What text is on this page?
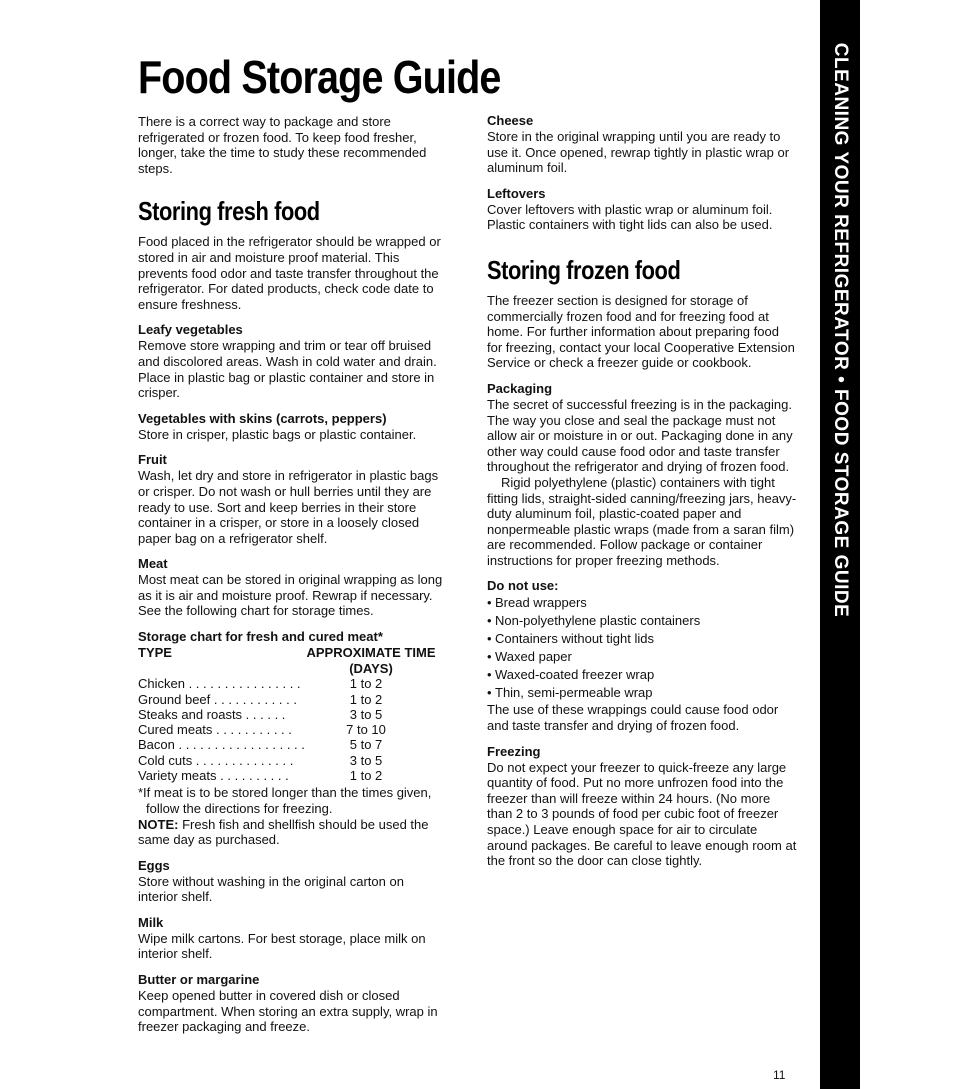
Food Storage Guide

There is a correct way to package and store refrigerated or frozen food. To keep food fresher, longer, take the time to study these recommended steps.

Storing fresh food

Food placed in the refrigerator should be wrapped or stored in air and moisture proof material. This prevents food odor and taste transfer throughout the refrigerator. For dated products, check code date to ensure freshness.

Leafy vegetables

Remove store wrapping and trim or tear off bruised and discolored areas. Wash in cold water and drain. Place in plastic bag or plastic container and store in crisper.

Vegetables with skins (carrots, peppers)

Store in crisper, plastic bags or plastic container.

Fruit

Wash, let dry and store in refrigerator in plastic bags or crisper. Do not wash or hull berries until they are ready to use. Sort and keep berries in their store container in a crisper, or store in a loosely closed paper bag on a refrigerator shelf.

Meat

Most meat can be stored in original wrapping as long as it is air and moisture proof. Rewrap if necessary. See the following chart for storage times.

Storage chart for fresh and cured meat*
TYPE	APPROXIMATE TIME (DAYS)
Chicken . . . . . . . . . . . . . . . .	1 to 2
Ground beef . . . . . . . . . . . .	1 to 2
Steaks and roasts . . . . . .	3 to 5
Cured meats . . . . . . . . . . .	7 to 10
Bacon . . . . . . . . . . . . . . . . . .	5 to 7
Cold cuts . . . . . . . . . . . . . .	3 to 5
Variety meats . . . . . . . . . .	1 to 2

*If meat is to be stored longer than the times given, follow the directions for freezing.

NOTE: Fresh fish and shellfish should be used the same day as purchased.

Eggs

Store without washing in the original carton on interior shelf.

Milk

Wipe milk cartons. For best storage, place milk on interior shelf.

Butter or margarine

Keep opened butter in covered dish or closed compartment. When storing an extra supply, wrap in freezer packaging and freeze.

Cheese

Store in the original wrapping until you are ready to use it. Once opened, rewrap tightly in plastic wrap or aluminum foil.

Leftovers

Cover leftovers with plastic wrap or aluminum foil. Plastic containers with tight lids can also be used.

Storing frozen food

The freezer section is designed for storage of commercially frozen food and for freezing food at home. For further information about preparing food for freezing, contact your local Cooperative Extension Service or check a freezer guide or cookbook.

Packaging

The secret of successful freezing is in the packaging. The way you close and seal the package must not allow air or moisture in or out. Packaging done in any other way could cause food odor and taste transfer throughout the refrigerator and drying of frozen food.

Rigid polyethylene (plastic) containers with tight fitting lids, straight-sided canning/freezing jars, heavy-duty aluminum foil, plastic-coated paper and nonpermeable plastic wraps (made from a saran film) are recommended. Follow package or container instructions for proper freezing methods.

Do not use:
• Bread wrappers
• Non-polyethylene plastic containers
• Containers without tight lids
• Waxed paper
• Waxed-coated freezer wrap
• Thin, semi-permeable wrap

The use of these wrappings could cause food odor and taste transfer and drying of frozen food.

Freezing

Do not expect your freezer to quick-freeze any large quantity of food. Put no more unfrozen food into the freezer than will freeze within 24 hours. (No more than 2 to 3 pounds of food per cubic foot of freezer space.) Leave enough space for air to circulate around packages. Be careful to leave enough room at the front so the door can close tightly.

CLEANING YOUR REFRIGERATOR • FOOD STORAGE GUIDE
11
